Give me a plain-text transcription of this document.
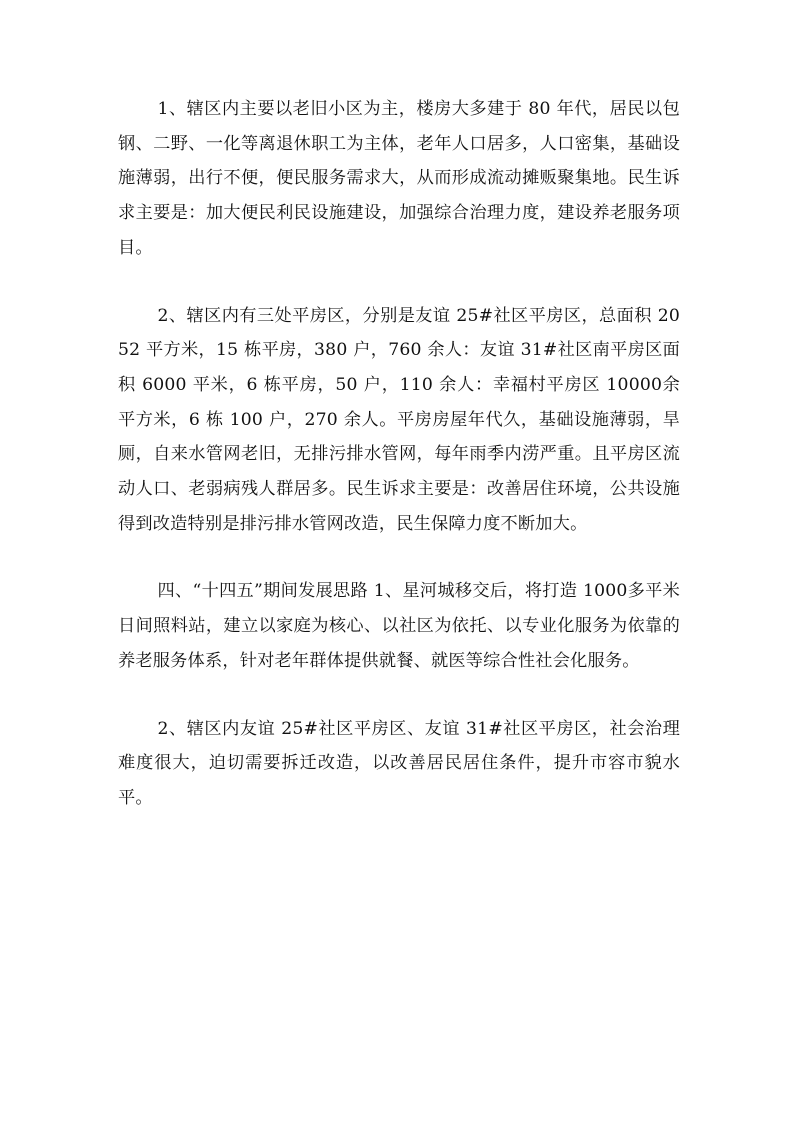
1、辖区内主要以老旧小区为主，楼房大多建于 80 年代，居民以包钢、二野、一化等离退休职工为主体，老年人口居多，人口密集，基础设施薄弱，出行不便，便民服务需求大，从而形成流动摊贩聚集地。民生诉求主要是：加大便民利民设施建设，加强综合治理力度，建设养老服务项目。

2、辖区内有三处平房区，分别是友谊 25#社区平房区，总面积 2052 平方米，15 栋平房，380 户，760 余人：友谊 31#社区南平房区面积 6000 平米，6 栋平房，50 户，110 余人：幸福村平房区 10000余平方米，6 栋 100 户，270 余人。平房房屋年代久，基础设施薄弱，旱厕，自来水管网老旧，无排污排水管网，每年雨季内涝严重。且平房区流动人口、老弱病残人群居多。民生诉求主要是：改善居住环境，公共设施得到改造特别是排污排水管网改造，民生保障力度不断加大。

四、“十四五”期间发展思路 1、星河城移交后，将打造 1000多平米日间照料站，建立以家庭为核心、以社区为依托、以专业化服务为依靠的养老服务体系，针对老年群体提供就餐、就医等综合性社会化服务。

2、辖区内友谊 25#社区平房区、友谊 31#社区平房区，社会治理难度很大，迫切需要拆迁改造，以改善居民居住条件，提升市容市貌水平。
